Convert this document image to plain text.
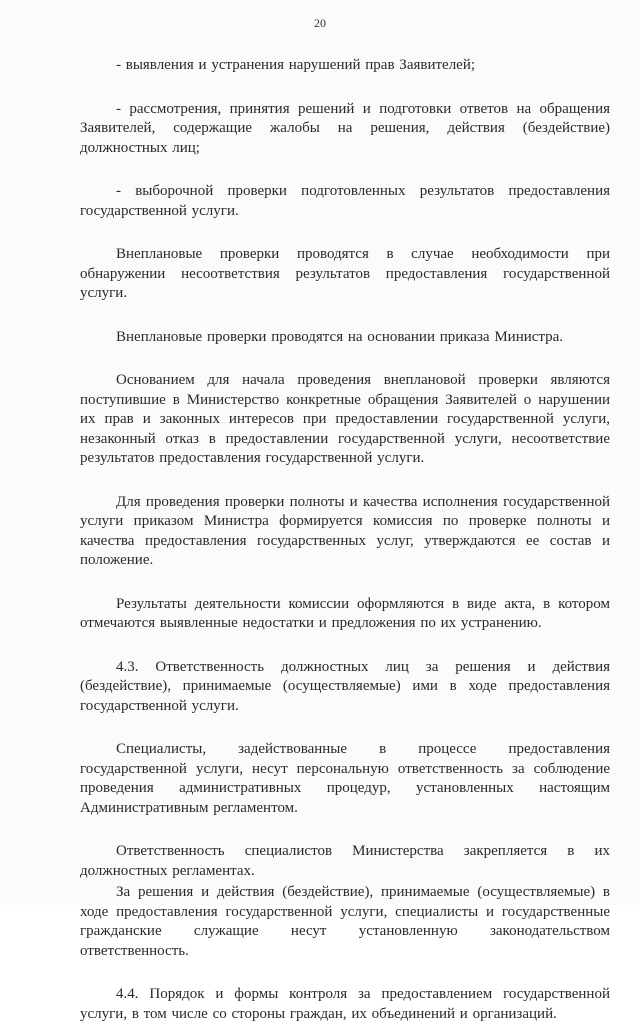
20

- выявления и устранения нарушений прав Заявителей;

- рассмотрения, принятия решений и подготовки ответов на обращения Заявителей, содержащие жалобы на решения, действия (бездействие) должностных лиц;

- выборочной проверки подготовленных результатов предоставления государственной услуги.

Внеплановые проверки проводятся в случае необходимости при обнаружении несоответствия результатов предоставления государственной услуги.

Внеплановые проверки проводятся на основании приказа Министра.

Основанием для начала проведения внеплановой проверки являются поступившие в Министерство конкретные обращения Заявителей о нарушении их прав и законных интересов при предоставлении государственной услуги, незаконный отказ в предоставлении государственной услуги, несоответствие результатов предоставления государственной услуги.

Для проведения проверки полноты и качества исполнения государственной услуги приказом Министра формируется комиссия по проверке полноты и качества предоставления государственных услуг, утверждаются ее состав и положение.

Результаты деятельности комиссии оформляются в виде акта, в котором отмечаются выявленные недостатки и предложения по их устранению.

4.3. Ответственность должностных лиц за решения и действия (бездействие), принимаемые (осуществляемые) ими в ходе предоставления государственной услуги.

Специалисты, задействованные в процессе предоставления государственной услуги, несут персональную ответственность за соблюдение проведения административных процедур, установленных настоящим Административным регламентом.

Ответственность специалистов Министерства закрепляется в их должностных регламентах.

За решения и действия (бездействие), принимаемые (осуществляемые) в ходе предоставления государственной услуги, специалисты и государственные гражданские служащие несут установленную законодательством ответственность.

4.4. Порядок и формы контроля за предоставлением государственной услуги, в том числе со стороны граждан, их объединений и организаций.
